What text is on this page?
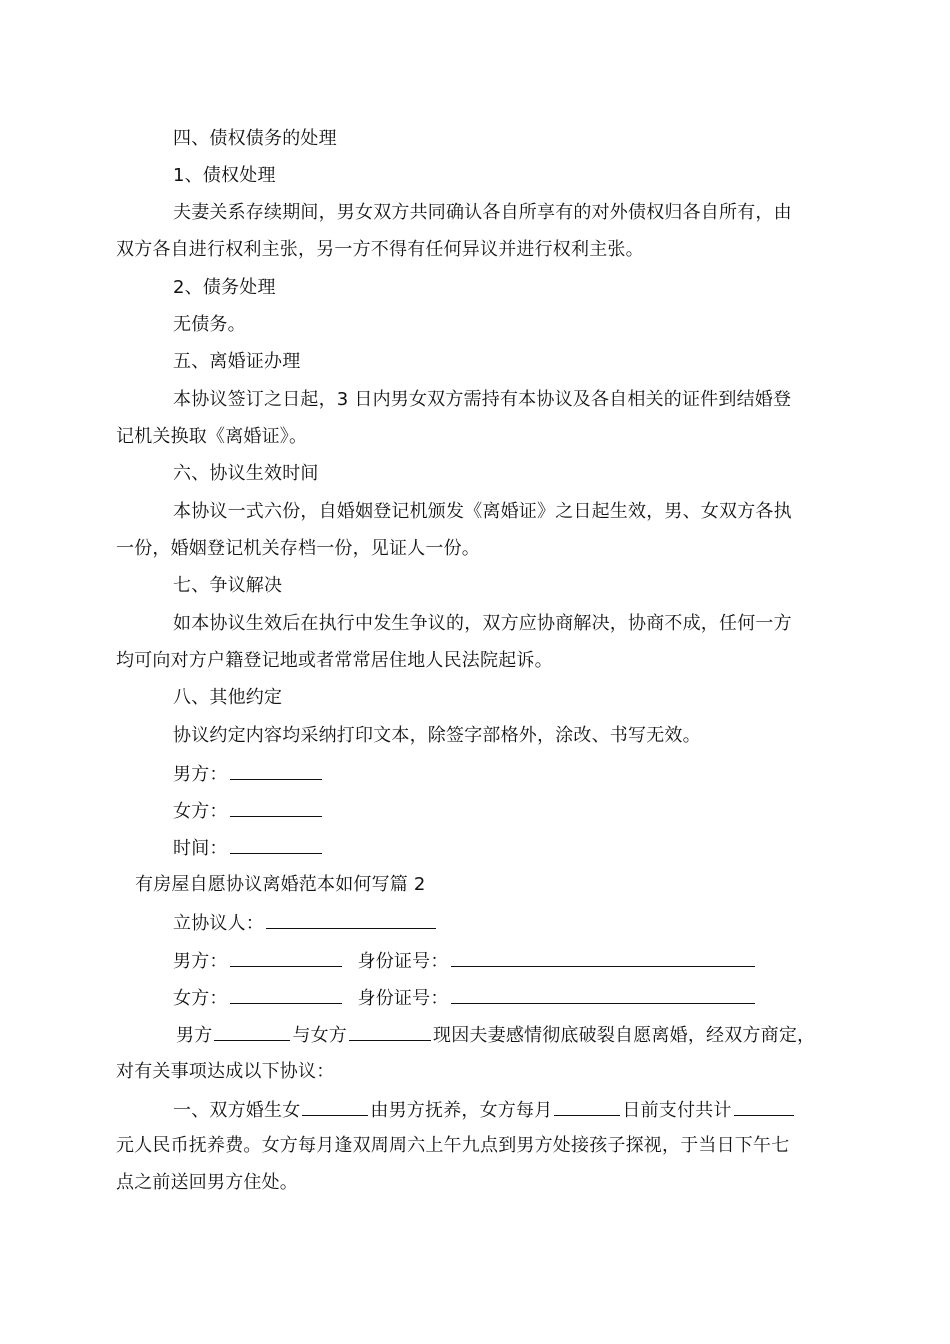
四、债权债务的处理
1、债权处理
夫妻关系存续期间，男女双方共同确认各自所享有的对外债权归各自所有，由
双方各自进行权利主张，另一方不得有任何异议并进行权利主张。
2、债务处理
无债务。
五、离婚证办理
本协议签订之日起，3 日内男女双方需持有本协议及各自相关的证件到结婚登
记机关换取《离婚证》。
六、协议生效时间
本协议一式六份，自婚姻登记机颁发《离婚证》之日起生效，男、女双方各执
一份，婚姻登记机关存档一份，见证人一份。
七、争议解决
如本协议生效后在执行中发生争议的，双方应协商解决，协商不成，任何一方
均可向对方户籍登记地或者常常居住地人民法院起诉。
八、其他约定
协议约定内容均采纳打印文本，除签字部格外，涂改、书写无效。
男方：
女方：
时间：
有房屋自愿协议离婚范本如何写篇 2
立协议人：
男方：	身份证号：
女方：	身份证号：
男方	与女方	现因夫妻感情彻底破裂自愿离婚，经双方商定，
对有关事项达成以下协议：
一、双方婚生女	由男方抚养，女方每月	日前支付共计
元人民币抚养费。女方每月逢双周周六上午九点到男方处接孩子探视，于当日下午七
点之前送回男方住处。
